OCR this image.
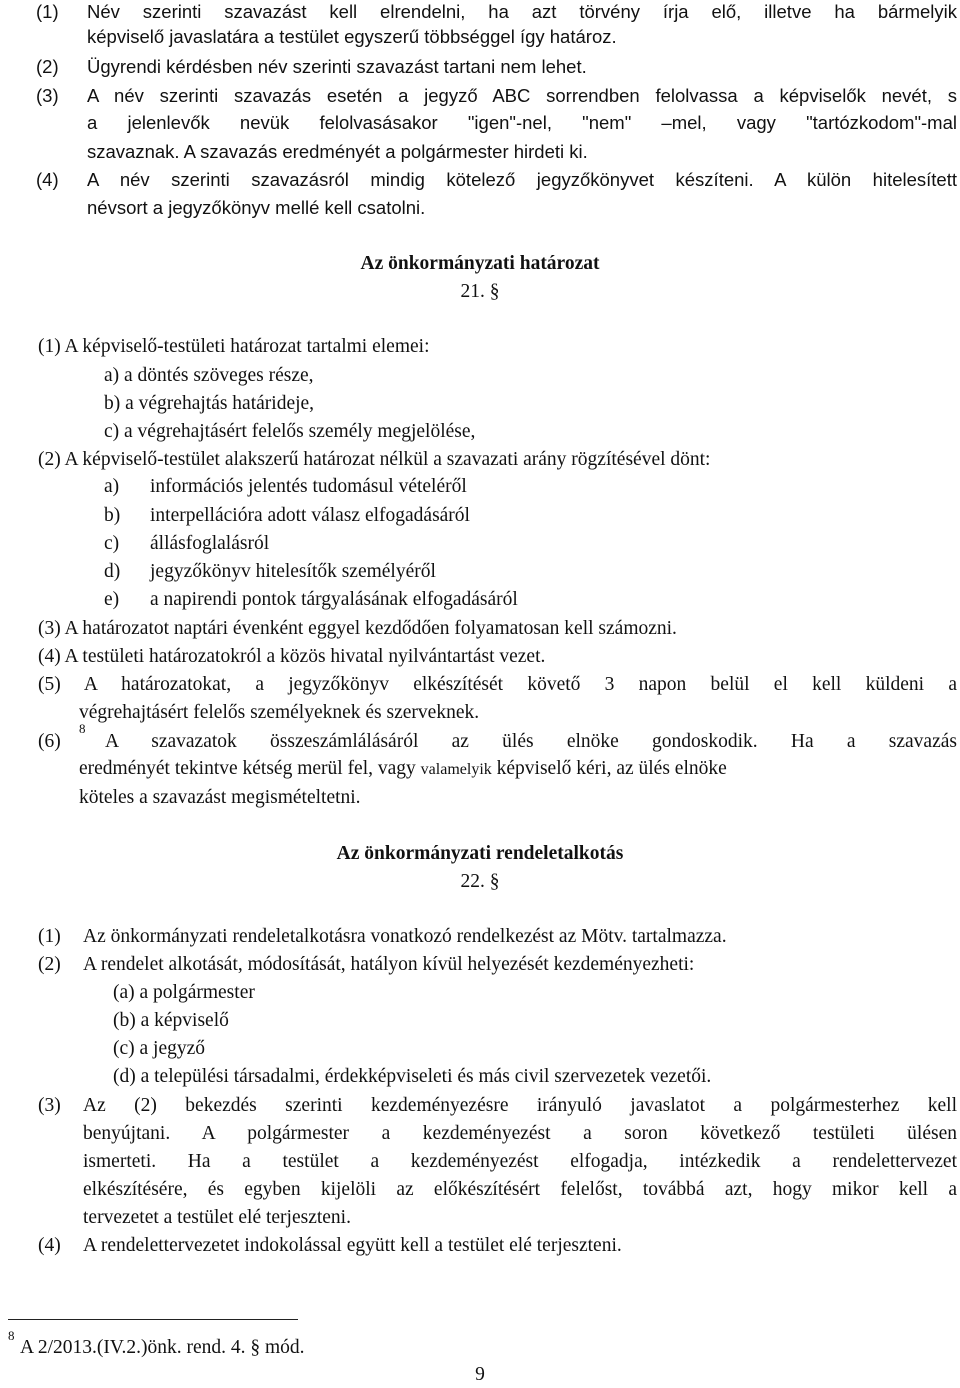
(1) Név szerinti szavazást kell elrendelni, ha azt törvény írja elő, illetve ha bármelyik
képviselő javaslatára a testület egyszerű többséggel így határoz.
(2) Ügyrendi kérdésben név szerinti szavazást tartani nem lehet.
(3) A név szerinti szavazás esetén a jegyző ABC sorrendben felolvassa a képviselők nevét, s
a jelenlevők nevük felolvasásakor "igen"-nel, "nem" –mel, vagy "tartózkodom"-mal
szavaznak. A szavazás eredményét a polgármester hirdeti ki.
(4) A név szerinti szavazásról mindig kötelező jegyzőkönyvet készíteni. A külön hitelesített
névsort a jegyzőkönyv mellé kell csatolni.
Az önkormányzati határozat
21. §
(1) A képviselő-testületi határozat tartalmi elemei:
a) a döntés szöveges része,
b) a végrehajtás határideje,
c) a végrehajtásért felelős személy megjelölése,
(2) A képviselő-testület alakszerű határozat nélkül a szavazati arány rögzítésével dönt:
a) információs jelentés tudomásul vételéről
b) interpellációra adott válasz elfogadásáról
c) állásfoglalásról
d) jegyzőkönyv hitelesítők személyéről
e) a napirendi pontok tárgyalásának elfogadásáról
(3) A határozatot naptári évenként eggyel kezdődően folyamatosan kell számozni.
(4) A testületi határozatokról a közös hivatal nyilvántartást vezet.
(5) A határozatokat, a jegyzőkönyv elkészítését követő 3 napon belül el kell küldeni a
végrehajtásért felelős személyeknek és szerveknek.
(6)
8
A szavazatok összeszámlálásáról az ülés elnöke gondoskodik. Ha a szavazás
eredményét tekintve kétség merül fel, vagy valamelyik képviselő kéri, az ülés elnöke
köteles a szavazást megismételtetni.
Az önkormányzati rendeletalkotás
22. §
(1) Az önkormányzati rendeletalkotásra vonatkozó rendelkezést az Mötv. tartalmazza.
(2) A rendelet alkotását, módosítását, hatályon kívül helyezését kezdeményezheti:
(a) a polgármester
(b) a képviselő
(c) a jegyző
(d) a települési társadalmi, érdekképviseleti és más civil szervezetek vezetői.
(3) Az (2) bekezdés szerinti kezdeményezésre irányuló javaslatot a polgármesterhez kell
benyújtani. A polgármester a kezdeményezést a soron következő testületi ülésen
ismerteti. Ha a testület a kezdeményezést elfogadja, intézkedik a rendelettervezet
elkészítésére, és egyben kijelöli az előkészítésért felelőst, továbbá azt, hogy mikor kell a
tervezetet a testület elé terjeszteni.
(4) A rendelettervezetet indokolással együtt kell a testület elé terjeszteni.
8
A 2/2013.(IV.2.)önk. rend. 4. § mód.
9
